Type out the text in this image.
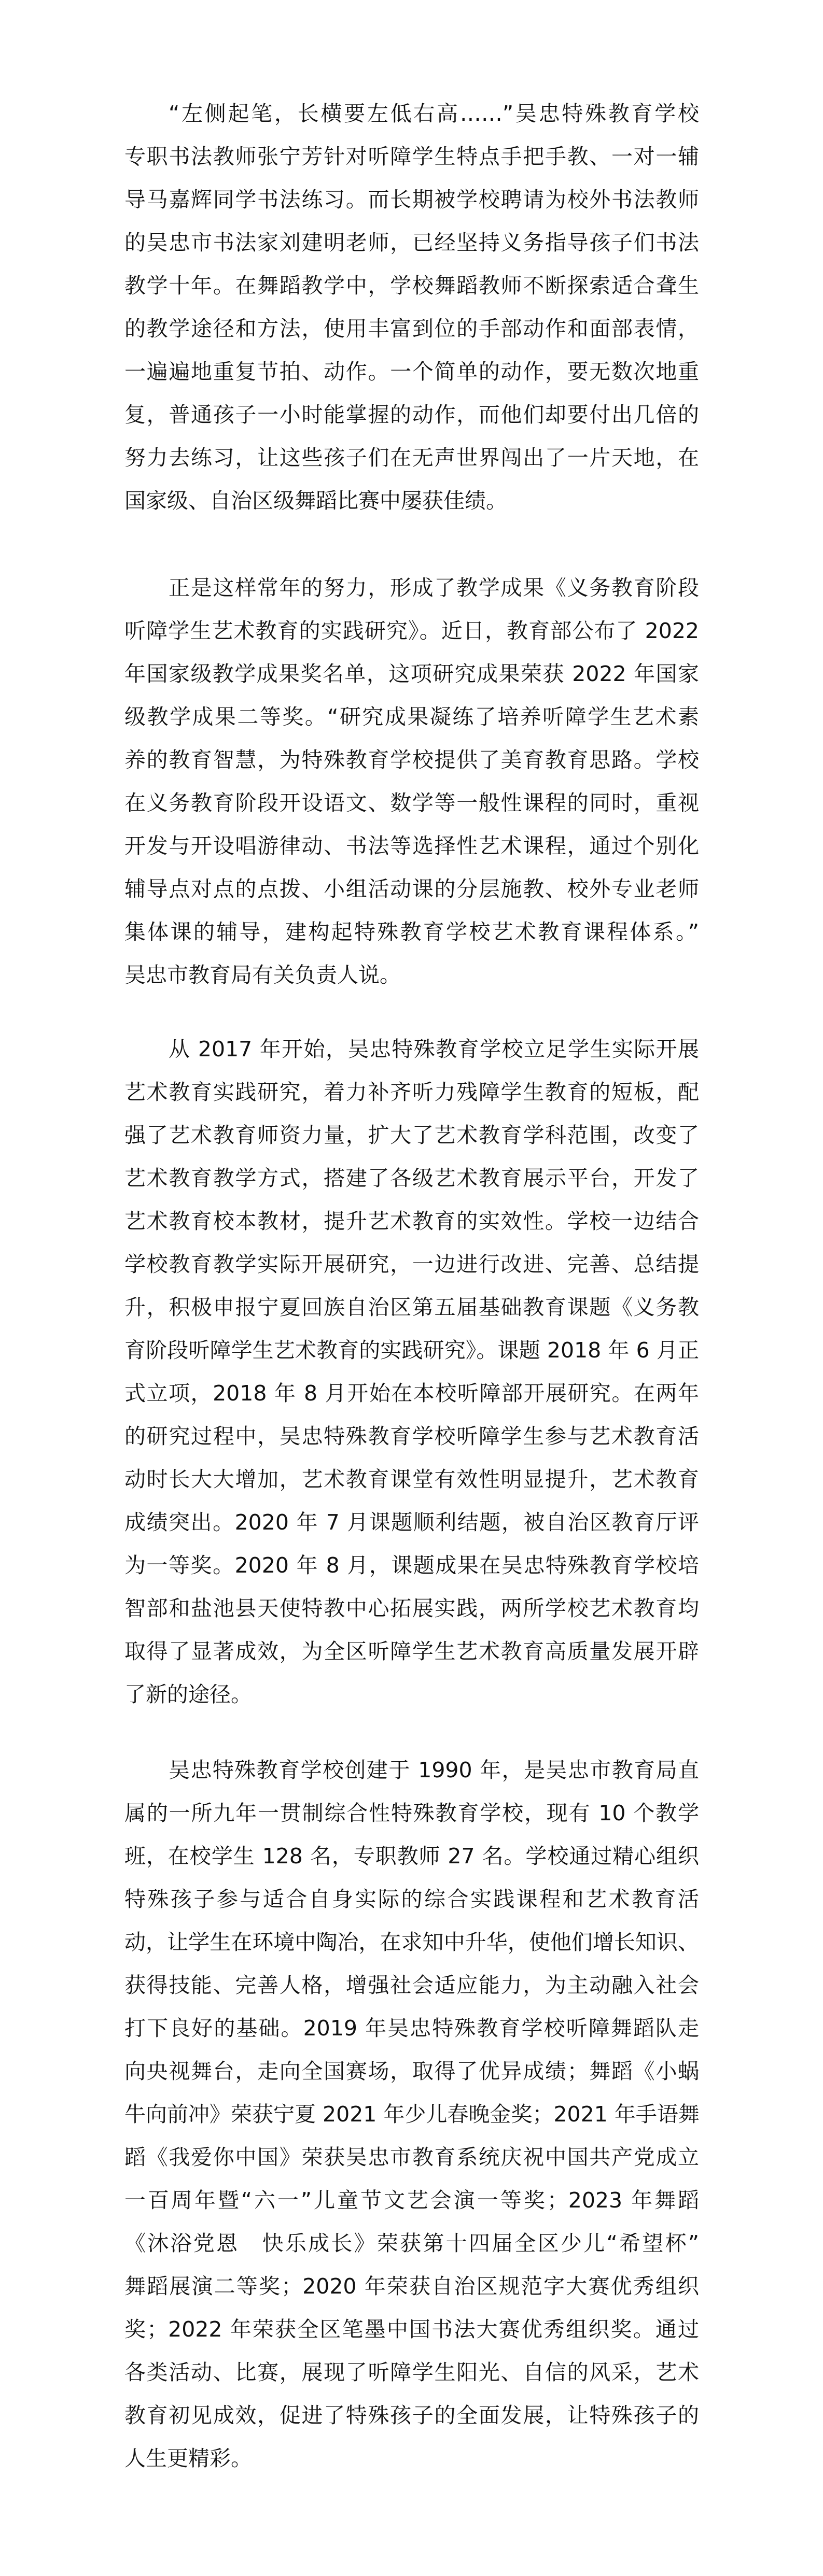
“左侧起笔，长横要左低右高……”吴忠特殊教育学校
专职书法教师张宁芳针对听障学生特点手把手教、一对一辅
导马嘉辉同学书法练习。而长期被学校聘请为校外书法教师
的吴忠市书法家刘建明老师，已经坚持义务指导孩子们书法
教学十年。在舞蹈教学中，学校舞蹈教师不断探索适合聋生
的教学途径和方法，使用丰富到位的手部动作和面部表情，
一遍遍地重复节拍、动作。一个简单的动作，要无数次地重
复，普通孩子一小时能掌握的动作，而他们却要付出几倍的
努力去练习，让这些孩子们在无声世界闯出了一片天地，在
国家级、自治区级舞蹈比赛中屡获佳绩。
正是这样常年的努力，形成了教学成果《义务教育阶段
听障学生艺术教育的实践研究》。近日，教育部公布了 2022
年国家级教学成果奖名单，这项研究成果荣获 2022 年国家
级教学成果二等奖。“研究成果凝练了培养听障学生艺术素
养的教育智慧，为特殊教育学校提供了美育教育思路。学校
在义务教育阶段开设语文、数学等一般性课程的同时，重视
开发与开设唱游律动、书法等选择性艺术课程，通过个别化
辅导点对点的点拨、小组活动课的分层施教、校外专业老师
集体课的辅导，建构起特殊教育学校艺术教育课程体系。”
吴忠市教育局有关负责人说。
从 2017 年开始，吴忠特殊教育学校立足学生实际开展
艺术教育实践研究，着力补齐听力残障学生教育的短板，配
强了艺术教育师资力量，扩大了艺术教育学科范围，改变了
艺术教育教学方式，搭建了各级艺术教育展示平台，开发了
艺术教育校本教材，提升艺术教育的实效性。学校一边结合
学校教育教学实际开展研究，一边进行改进、完善、总结提
升，积极申报宁夏回族自治区第五届基础教育课题《义务教
育阶段听障学生艺术教育的实践研究》。课题 2018 年 6 月正
式立项，2018 年 8 月开始在本校听障部开展研究。在两年
的研究过程中，吴忠特殊教育学校听障学生参与艺术教育活
动时长大大增加，艺术教育课堂有效性明显提升，艺术教育
成绩突出。2020 年 7 月课题顺利结题，被自治区教育厅评
为一等奖。2020 年 8 月，课题成果在吴忠特殊教育学校培
智部和盐池县天使特教中心拓展实践，两所学校艺术教育均
取得了显著成效，为全区听障学生艺术教育高质量发展开辟
了新的途径。
吴忠特殊教育学校创建于 1990 年，是吴忠市教育局直
属的一所九年一贯制综合性特殊教育学校，现有 10 个教学
班，在校学生 128 名，专职教师 27 名。学校通过精心组织
特殊孩子参与适合自身实际的综合实践课程和艺术教育活
动，让学生在环境中陶冶，在求知中升华，使他们增长知识、
获得技能、完善人格，增强社会适应能力，为主动融入社会
打下良好的基础。2019 年吴忠特殊教育学校听障舞蹈队走
向央视舞台，走向全国赛场，取得了优异成绩；舞蹈《小蜗
牛向前冲》荣获宁夏 2021 年少儿春晚金奖；2021 年手语舞
蹈《我爱你中国》荣获吴忠市教育系统庆祝中国共产党成立
一百周年暨“六一”儿童节文艺会演一等奖；2023 年舞蹈
《沐浴党恩　快乐成长》荣获第十四届全区少儿“希望杯”
舞蹈展演二等奖；2020 年荣获自治区规范字大赛优秀组织
奖；2022 年荣获全区笔墨中国书法大赛优秀组织奖。通过
各类活动、比赛，展现了听障学生阳光、自信的风采，艺术
教育初见成效，促进了特殊孩子的全面发展，让特殊孩子的
人生更精彩。
